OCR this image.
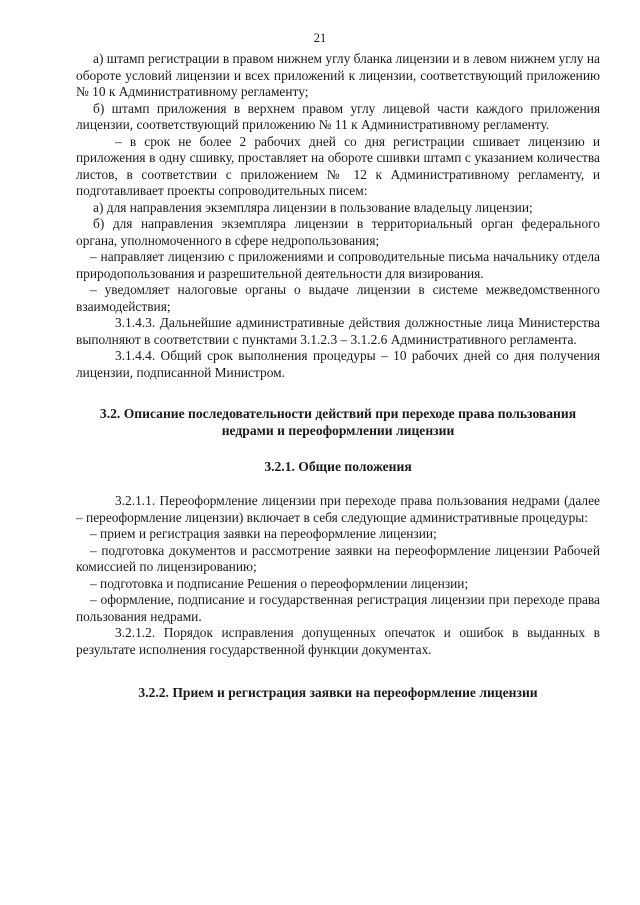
21

а) штамп регистрации в правом нижнем углу бланка лицензии и в левом нижнем углу на обороте условий лицензии и всех приложений к лицензии, соответствующий приложению № 10 к Административному регламенту;

б) штамп приложения в верхнем правом углу лицевой части каждого приложения лицензии, соответствующий приложению № 11 к Административному регламенту.

– в срок не более 2 рабочих дней со дня регистрации сшивает лицензию и приложения в одну сшивку, проставляет на обороте сшивки штамп с указанием количества листов, в соответствии с приложением № 12 к Административному регламенту, и подготавливает проекты сопроводительных писем:

а) для направления экземпляра лицензии в пользование владельцу лицензии;

б) для направления экземпляра лицензии в территориальный орган федерального органа, уполномоченного в сфере недропользования;

– направляет лицензию с приложениями и сопроводительные письма начальнику отдела природопользования и разрешительной деятельности для визирования.

– уведомляет налоговые органы о выдаче лицензии в системе межведомственного взаимодействия;

3.1.4.3. Дальнейшие административные действия должностные лица Министерства выполняют в соответствии с пунктами 3.1.2.3 – 3.1.2.6 Административного регламента.

3.1.4.4. Общий срок выполнения процедуры – 10 рабочих дней со дня получения лицензии, подписанной Министром.

3.2. Описание последовательности действий при переходе права пользования недрами и переоформлении лицензии
3.2.1. Общие положения

3.2.1.1. Переоформление лицензии при переходе права пользования недрами (далее – переоформление лицензии) включает в себя следующие административные процедуры:

– прием и регистрация заявки на переоформление лицензии;

– подготовка документов и рассмотрение заявки на переоформление лицензии Рабочей комиссией по лицензированию;

– подготовка и подписание Решения о переоформлении лицензии;

– оформление, подписание и государственная регистрация лицензии при переходе права пользования недрами.

3.2.1.2. Порядок исправления допущенных опечаток и ошибок в выданных в результате исполнения государственной функции документах.

3.2.2. Прием и регистрация заявки на переоформление лицензии
